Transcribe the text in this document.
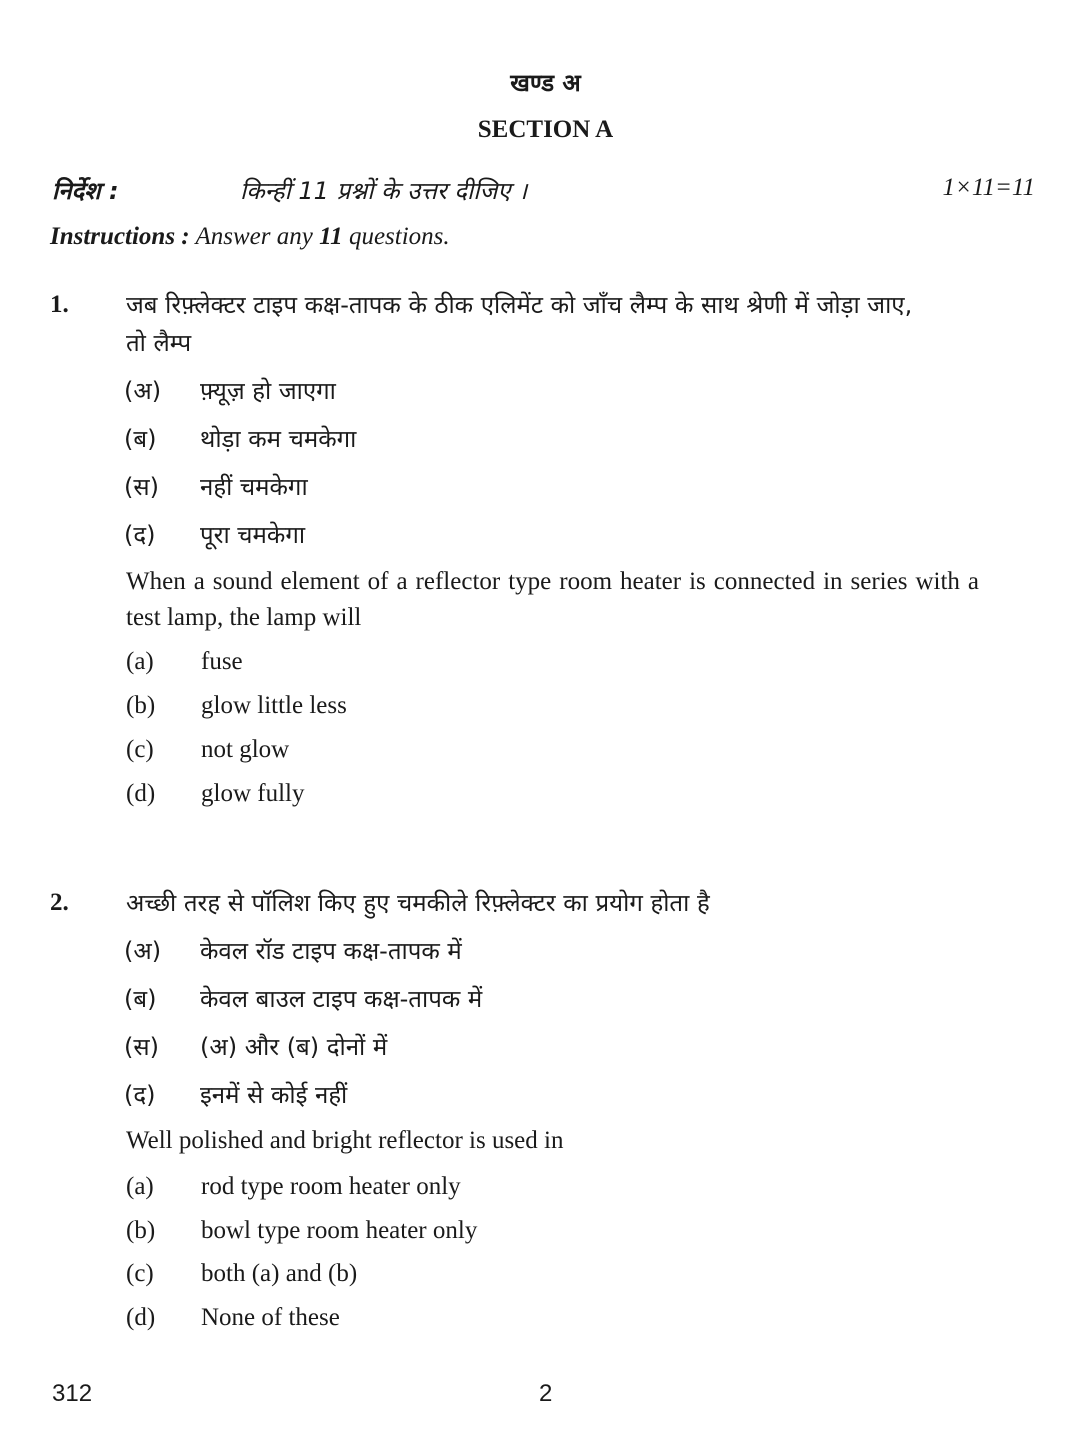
खण्ड अ
SECTION A
निर्देश :	किन्हीं 11 प्रश्नों के उत्तर दीजिए ।	1×11=11
Instructions : Answer any 11 questions.
1. जब रिफ़्लेक्टर टाइप कक्ष-तापक के ठीक एलिमेंट को जाँच लैम्प के साथ श्रेणी में जोड़ा जाए,
तो लैम्प
(अ) फ़्यूज़ हो जाएगा
(ब) थोड़ा कम चमकेगा
(स) नहीं चमकेगा
(द) पूरा चमकेगा
When a sound element of a reflector type room heater is connected in series with a test lamp, the lamp will
(a) fuse
(b) glow little less
(c) not glow
(d) glow fully
2. अच्छी तरह से पॉलिश किए हुए चमकीले रिफ़्लेक्टर का प्रयोग होता है
(अ) केवल रॉड टाइप कक्ष-तापक में
(ब) केवल बाउल टाइप कक्ष-तापक में
(स) (अ) और (ब) दोनों में
(द) इनमें से कोई नहीं
Well polished and bright reflector is used in
(a) rod type room heater only
(b) bowl type room heater only
(c) both (a) and (b)
(d) None of these
312	2
